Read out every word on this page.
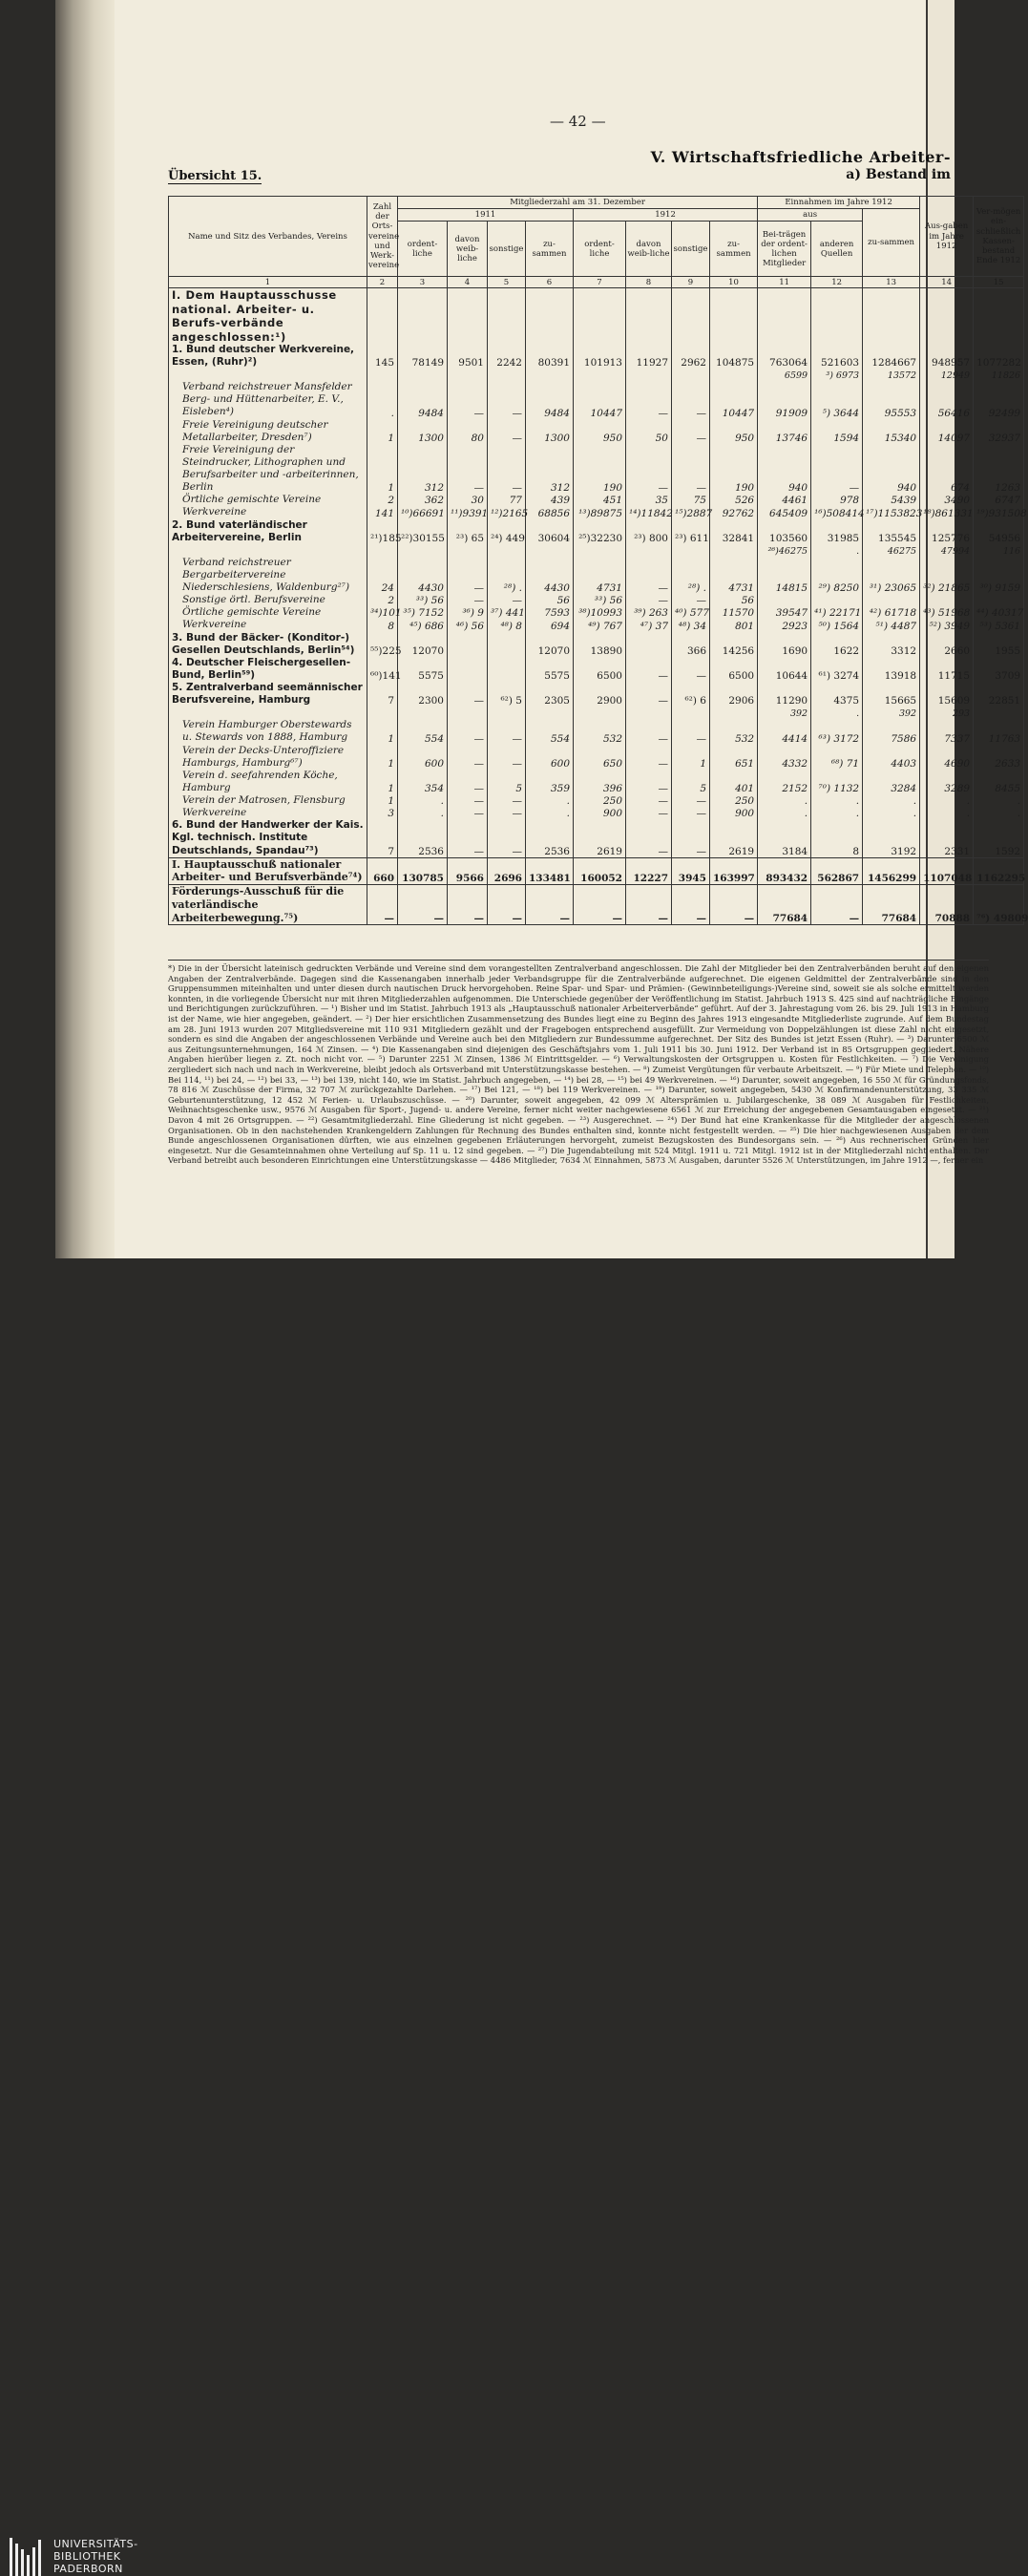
— 42 —
V. Wirtschaftsfriedliche Arbeiter-
a) Bestand im
Übersicht 15.
Name und Sitz des Verbandes, Vereins	Zahl der Orts-vereine und Werk-vereine	Mitgliederzahl am 31. Dezember								Einnahmen im Jahre 1912			Aus-gaben im Jahre 1912	Ver-mögen ein-schließlich Kassen-bestand Ende 1912
		1911				1912				aus		zu-sammen		
		ordent-liche	davon weib-liche	sonstige	zu-sammen	ordent-liche	davon weib-liche	sonstige	zu-sammen	Bei-trägen der ordent-lichen Mitglieder	anderen Quellen			
1	2	3	4	5	6	7	8	9	10	11	12	13	14	15
I. Dem Hauptausschusse national. Arbeiter- u. Berufs-verbände angeschlossen:¹)														
1. Bund deutscher Werkvereine, Essen, (Ruhr)²)	145	78149	9501	2242	80391	101913	11927	2962	104875	763064	521603	1284667	948957	1077282
										6599	³) 6973	13572	12949	11826
Verband reichstreuer Mansfelder Berg- und Hüttenarbeiter, E. V., Eisleben⁴)	.	9484	—	—	9484	10447	—	—	10447	91909	⁵) 3644	95553	56416	92499
Freie Vereinigung deutscher Metallarbeiter, Dresden⁷)	1	1300	80	—	1300	950	50	—	950	13746	1594	15340	14097	32937
Freie Vereinigung der Steindrucker, Lithographen und Berufsarbeiter und -arbeiterinnen, Berlin	1	312	—	—	312	190	—	—	190	940	—	940	674	1263
Örtliche gemischte Vereine	2	362	30	77	439	451	35	75	526	4461	978	5439	3490	6747
Werkvereine	141	¹⁰)66691	¹¹)9391	¹²)2165	68856	¹³)89875	¹⁴)11842	¹⁵)2887	92762	645409	¹⁶)508414	¹⁷)1153823	¹⁸)861331	¹⁹)931508
2. Bund vaterländischer Arbeitervereine, Berlin	²¹)185	²²)30155	²³) 65	²⁴) 449	30604	²⁵)32230	²³) 800	²³) 611	32841	103560	31985	135545	125776	54956
										²⁶)46275	.	46275	47994	116
Verband reichstreuer Bergarbeitervereine Niederschlesiens, Waldenburg²⁷)	24	4430	—	²⁸) .	4430	4731	—	²⁸) .	4731	14815	²⁹) 8250	³¹) 23065	³²) 21865	³⁰) 9159
Sonstige örtl. Berufsvereine	2	³³) 56	—	—	56	³³) 56	—	—	56					
Örtliche gemischte Vereine	³⁴)101	³⁵) 7152	³⁶) 9	³⁷) 441	7593	³⁸)10993	³⁹) 263	⁴⁰) 577	11570	39547	⁴¹) 22171	⁴²) 61718	⁴³) 51968	⁴⁴) 40317
Werkvereine	8	⁴⁵) 686	⁴⁶) 56	⁴⁸) 8	694	⁴⁹) 767	⁴⁷) 37	⁴⁸) 34	801	2923	⁵⁰) 1564	⁵¹) 4487	⁵²) 3949	⁵³) 5361
3. Bund der Bäcker- (Konditor-) Gesellen Deutschlands, Berlin⁵⁴)	⁵⁵)225	12070			12070	13890		366	14256	1690	1622	3312	2660	1955
4. Deutscher Fleischergesellen-Bund, Berlin⁵⁹)	⁶⁰)141	5575			5575	6500	—	—	6500	10644	⁶¹) 3274	13918	11715	3709
5. Zentralverband seemännischer Berufsvereine, Hamburg	7	2300	—	⁶²) 5	2305	2900	—	⁶²) 6	2906	11290	4375	15665	15609	22851
										392	.	392	293	
Verein Hamburger Oberstewards u. Stewards von 1888, Hamburg	1	554	—	—	554	532	—	—	532	4414	⁶³) 3172	7586	7337	11763
Verein der Decks-Unteroffiziere Hamburgs, Hamburg⁶⁷)	1	600	—	—	600	650	—	1	651	4332	⁶⁸) 71	4403	4690	2633
Verein d. seefahrenden Köche, Hamburg	1	354	—	5	359	396	—	5	401	2152	⁷⁰) 1132	3284	3289	8455
Verein der Matrosen, Flensburg	1	.	—	—	.	250	—	—	250	.	.	.	.	.
Werkvereine	3	.	—	—	.	900	—	—	900	.	.	.	.	.
6. Bund der Handwerker der Kais. Kgl. technisch. Institute Deutschlands, Spandau⁷³)	7	2536	—	—	2536	2619	—	—	2619	3184	8	3192	2331	1592
I. Hauptausschuß nationaler Arbeiter- und Berufsverbände⁷⁴)	660	130785	9566	2696	133481	160052	12227	3945	163997	893432	562867	1456299	1107048	1162295
Förderungs-Ausschuß für die vaterländische Arbeiterbewegung.⁷⁵)	—	—	—	—	—	—	—	—	—	77684	—	77684	70888	⁷⁶) 49809
*) Die in der Übersicht lateinisch gedruckten Verbände und Vereine sind dem vorangestellten Zentralverband angeschlossen. Die Zahl der Mitglieder bei den Zentralverbänden beruht auf den eigenen Angaben der Zentralverbände. Dagegen sind die Kassenangaben innerhalb jeder Verbandsgruppe für die Zentralverbände aufgerechnet. Die eigenen Geldmittel der Zentralverbände sind in den Gruppensummen miteinhalten und unter diesen durch nautischen Druck hervorgehoben. Reine Spar- und Spar- und Prämien- (Gewinnbeteiligungs-)Vereine sind, soweit sie als solche ermittelt werden konnten, in die vorliegende Übersicht nur mit ihren Mitgliederzahlen aufgenommen. Die Unterschiede gegenüber der Veröffentlichung im Statist. Jahrbuch 1913 S. 425 sind auf nachträgliche Eingänge und Berichtigungen zurückzuführen. — ¹) Bisher und im Statist. Jahrbuch 1913 als „Hauptausschuß nationaler Arbeiterverbände“ geführt. Auf der 3. Jahrestagung vom 26. bis 29. Juli 1913 in Hamburg ist der Name, wie hier angegeben, geändert. — ²) Der hier ersichtlichen Zusammensetzung des Bundes liegt eine zu Beginn des Jahres 1913 eingesandte Mitgliederliste zugrunde. Auf dem Bundestag am 28. Juni 1913 wurden 207 Mitgliedsvereine mit 110 931 Mitgliedern gezählt und der Fragebogen entsprechend ausgefüllt. Zur Vermeidung von Doppelzählungen ist diese Zahl nicht eingesetzt, sondern es sind die Angaben der angeschlossenen Verbände und Vereine auch bei den Mitgliedern zur Bundessumme aufgerechnet. Der Sitz des Bundes ist jetzt Essen (Ruhr). — ³) Darunter 6500 ℳ aus Zeitungsunternehmungen, 164 ℳ Zinsen. — ⁴) Die Kassenangaben sind diejenigen des Geschäftsjahrs vom 1. Juli 1911 bis 30. Juni 1912. Der Verband ist in 85 Ortsgruppen gegliedert. Nähere Angaben hierüber liegen z. Zt. noch nicht vor. — ⁵) Darunter 2251 ℳ Zinsen, 1386 ℳ Eintrittsgelder. — ⁶) Verwaltungskosten der Ortsgruppen u. Kosten für Festlichkeiten. — ⁷) Die Vereinigung zergliedert sich nach und nach in Werkvereine, bleibt jedoch als Ortsverband mit Unterstützungskasse bestehen. — ⁸) Zumeist Vergütungen für verbaute Arbeitszeit. — ⁹) Für Miete und Telephon. — ¹⁰) Bei 114, ¹¹) bei 24, — ¹²) bei 33, — ¹³) bei 139, nicht 140, wie im Statist. Jahrbuch angegeben, — ¹⁴) bei 28, — ¹⁵) bei 49 Werkvereinen. — ¹⁶) Darunter, soweit angegeben, 16 550 ℳ für Gründungsfonds, 78 816 ℳ Zuschüsse der Firma, 32 707 ℳ zurückgezahlte Darlehen. — ¹⁷) Bei 121, — ¹⁸) bei 119 Werkvereinen. — ¹⁹) Darunter, soweit angegeben, 5430 ℳ Konfirmandenunterstützung, 33 335 ℳ Geburtenunterstützung, 12 452 ℳ Ferien- u. Urlaubszuschüsse. — ²⁰) Darunter, soweit angegeben, 42 099 ℳ Altersprämien u. Jubilargeschenke, 38 089 ℳ Ausgaben für Festlichkeiten, Weihnachtsgeschenke usw., 9576 ℳ Ausgaben für Sport-, Jugend- u. andere Vereine, ferner nicht weiter nachgewiesene 6561 ℳ zur Erreichung der angegebenen Gesamtausgaben eingesetzt. — ²¹) Davon 4 mit 26 Ortsgruppen. — ²²) Gesamtmitgliederzahl. Eine Gliederung ist nicht gegeben. — ²³) Ausgerechnet. — ²⁴) Der Bund hat eine Krankenkasse für die Mitglieder der angeschlossenen Organisationen. Ob in den nachstehenden Krankengeldern Zahlungen für Rechnung des Bundes enthalten sind, konnte nicht festgestellt werden. — ²⁵) Die hier nachgewiesenen Ausgaben der dem Bunde angeschlossenen Organisationen dürften, wie aus einzelnen gegebenen Erläuterungen hervorgeht, zumeist Bezugskosten des Bundesorgans sein. — ²⁶) Aus rechnerischen Gründen hier eingesetzt. Nur die Gesamteinnahmen ohne Verteilung auf Sp. 11 u. 12 sind gegeben. — ²⁷) Die Jugendabteilung mit 524 Mitgl. 1911 u. 721 Mitgl. 1912 ist in der Mitgliederzahl nicht enthalten. Der Verband betreibt auch besonderen Einrichtungen eine Unterstützungskasse — 4486 Mitglieder, 7634 ℳ Einnahmen, 5873 ℳ Ausgaben, darunter 5526 ℳ Unterstützungen, im Jahre 1912 —, ferner ein
UNIVERSITÄTS-
BIBLIOTHEK
PADERBORN
